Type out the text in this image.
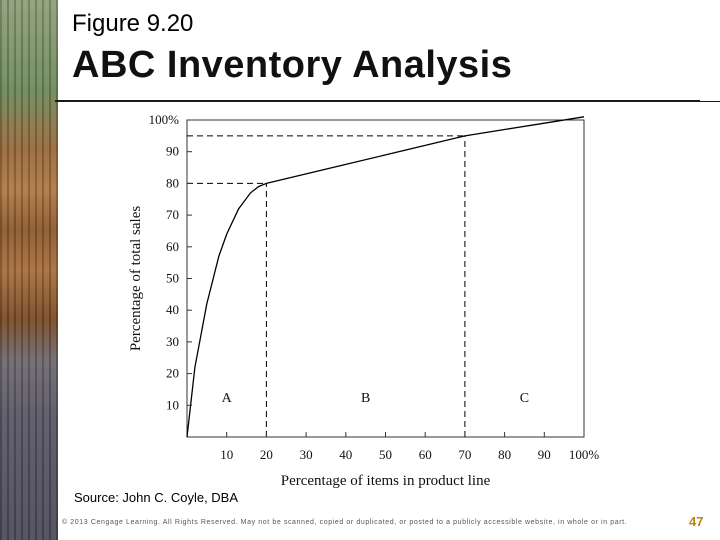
Figure 9.20
ABC Inventory Analysis
10
20
30
40
50
60
70
80
90
100%
10 20 30 40 50 60 70 80 90 100%
A	B	C
Percentage of items in product line
Percentage of total sales
Source: John C. Coyle, DBA
© 2013 Cengage Learning. All Rights Reserved. May not be scanned, copied or duplicated, or posted to a publicly accessible website, in whole or in part.	47
